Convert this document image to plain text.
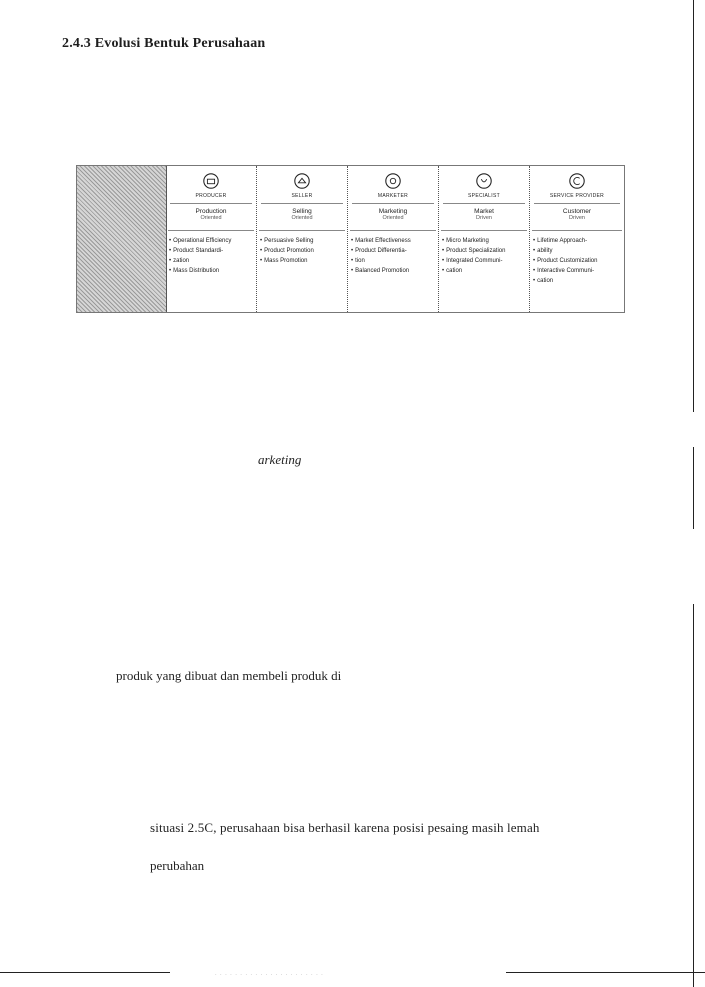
2.4.3 Evolusi Bentuk Perusahaan
PRODUCER
Production
Oriented
• Operational Efficiency
• Product Standardi-
• zation
• Mass Distribution
SELLER
Selling
Oriented
• Persuasive Selling
• Product Promotion
• Mass Promotion
MARKETER
Marketing
Oriented
• Market Effectiveness
• Product Differentia-
• tion
• Balanced Promotion
SPECIALIST
Market
Driven
• Micro Marketing
• Product Specialization
• Integrated Communi-
• cation
SERVICE PROVIDER
Customer
Driven
• Lifetime Approach-
• ability
• Product Customization
• Interactive Communi-
• cation
arketing
produk yang dibuat dan membeli produk di
situasi 2.5C, perusahaan bisa berhasil karena posisi pesaing masih lemah
perubahan
· · · · · · · · · · · · · · · · · · · · · ·
